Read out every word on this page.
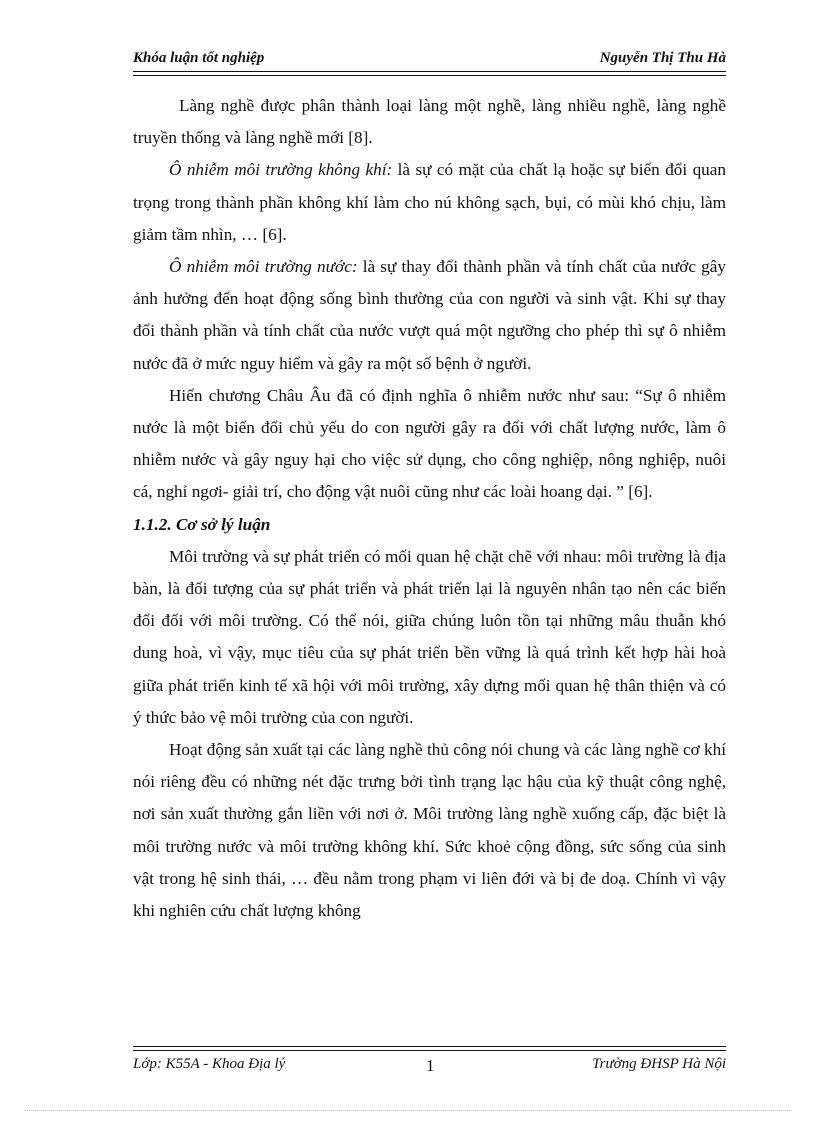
Khóa luận tốt nghiệp	Nguyễn Thị Thu Hà

Làng nghề được phân thành loại làng một nghề, làng nhiều nghề, làng nghề truyền thống và làng nghề mới [8].

Ô nhiễm môi trường không khí: là sự có mặt của chất lạ hoặc sự biến đổi quan trọng trong thành phần không khí làm cho nú không sạch, bụi, có mùi khó chịu, làm giảm tầm nhìn, … [6].

Ô nhiễm môi trường nước: là sự thay đổi thành phần và tính chất của nước gây ảnh hưởng đến hoạt động sống bình thường của con người và sinh vật. Khi sự thay đổi thành phần và tính chất của nước vượt quá một ngưỡng cho phép thì sự ô nhiễm nước đã ở mức nguy hiểm và gây ra một số bệnh ở người.

Hiến chương Châu Âu đã có định nghĩa ô nhiễm nước như sau: “Sự ô nhiễm nước là một biến đổi chủ yếu do con người gây ra đối với chất lượng nước, làm ô nhiễm nước và gây nguy hại cho việc sử dụng, cho công nghiệp, nông nghiệp, nuôi cá, nghỉ ngơi- giải trí, cho động vật nuôi cũng như các loài hoang dại. ” [6].

1.1.2. Cơ sở lý luận

Môi trường và sự phát triển có mối quan hệ chặt chẽ với nhau: môi trường là địa bàn, là đối tượng của sự phát triển và phát triển lại là nguyên nhân tạo nên các biến đổi đối với môi trường. Có thể nói, giữa chúng luôn tồn tại những mâu thuẫn khó dung hoà, vì vậy, mục tiêu của sự phát triển bền vững là quá trình kết hợp hài hoà giữa phát triển kinh tế xã hội với môi trường, xây dựng mối quan hệ thân thiện và có ý thức bảo vệ môi trường của con người.

Hoạt động sản xuất tại các làng nghề thủ công nói chung và các làng nghề cơ khí nói riêng đều có những nét đặc trưng bởi tình trạng lạc hậu của kỹ thuật công nghệ, nơi sản xuất thường gắn liền với nơi ở. Môi trường làng nghề xuống cấp, đặc biệt là môi trường nước và môi trường không khí. Sức khoẻ cộng đồng, sức sống của sinh vật trong hệ sinh thái, … đều nằm trong phạm vi liên đới và bị đe doạ. Chính vì vậy khi nghiên cứu chất lượng không

Lớp: K55A - Khoa Địa lý	1	Trường ĐHSP Hà Nội
